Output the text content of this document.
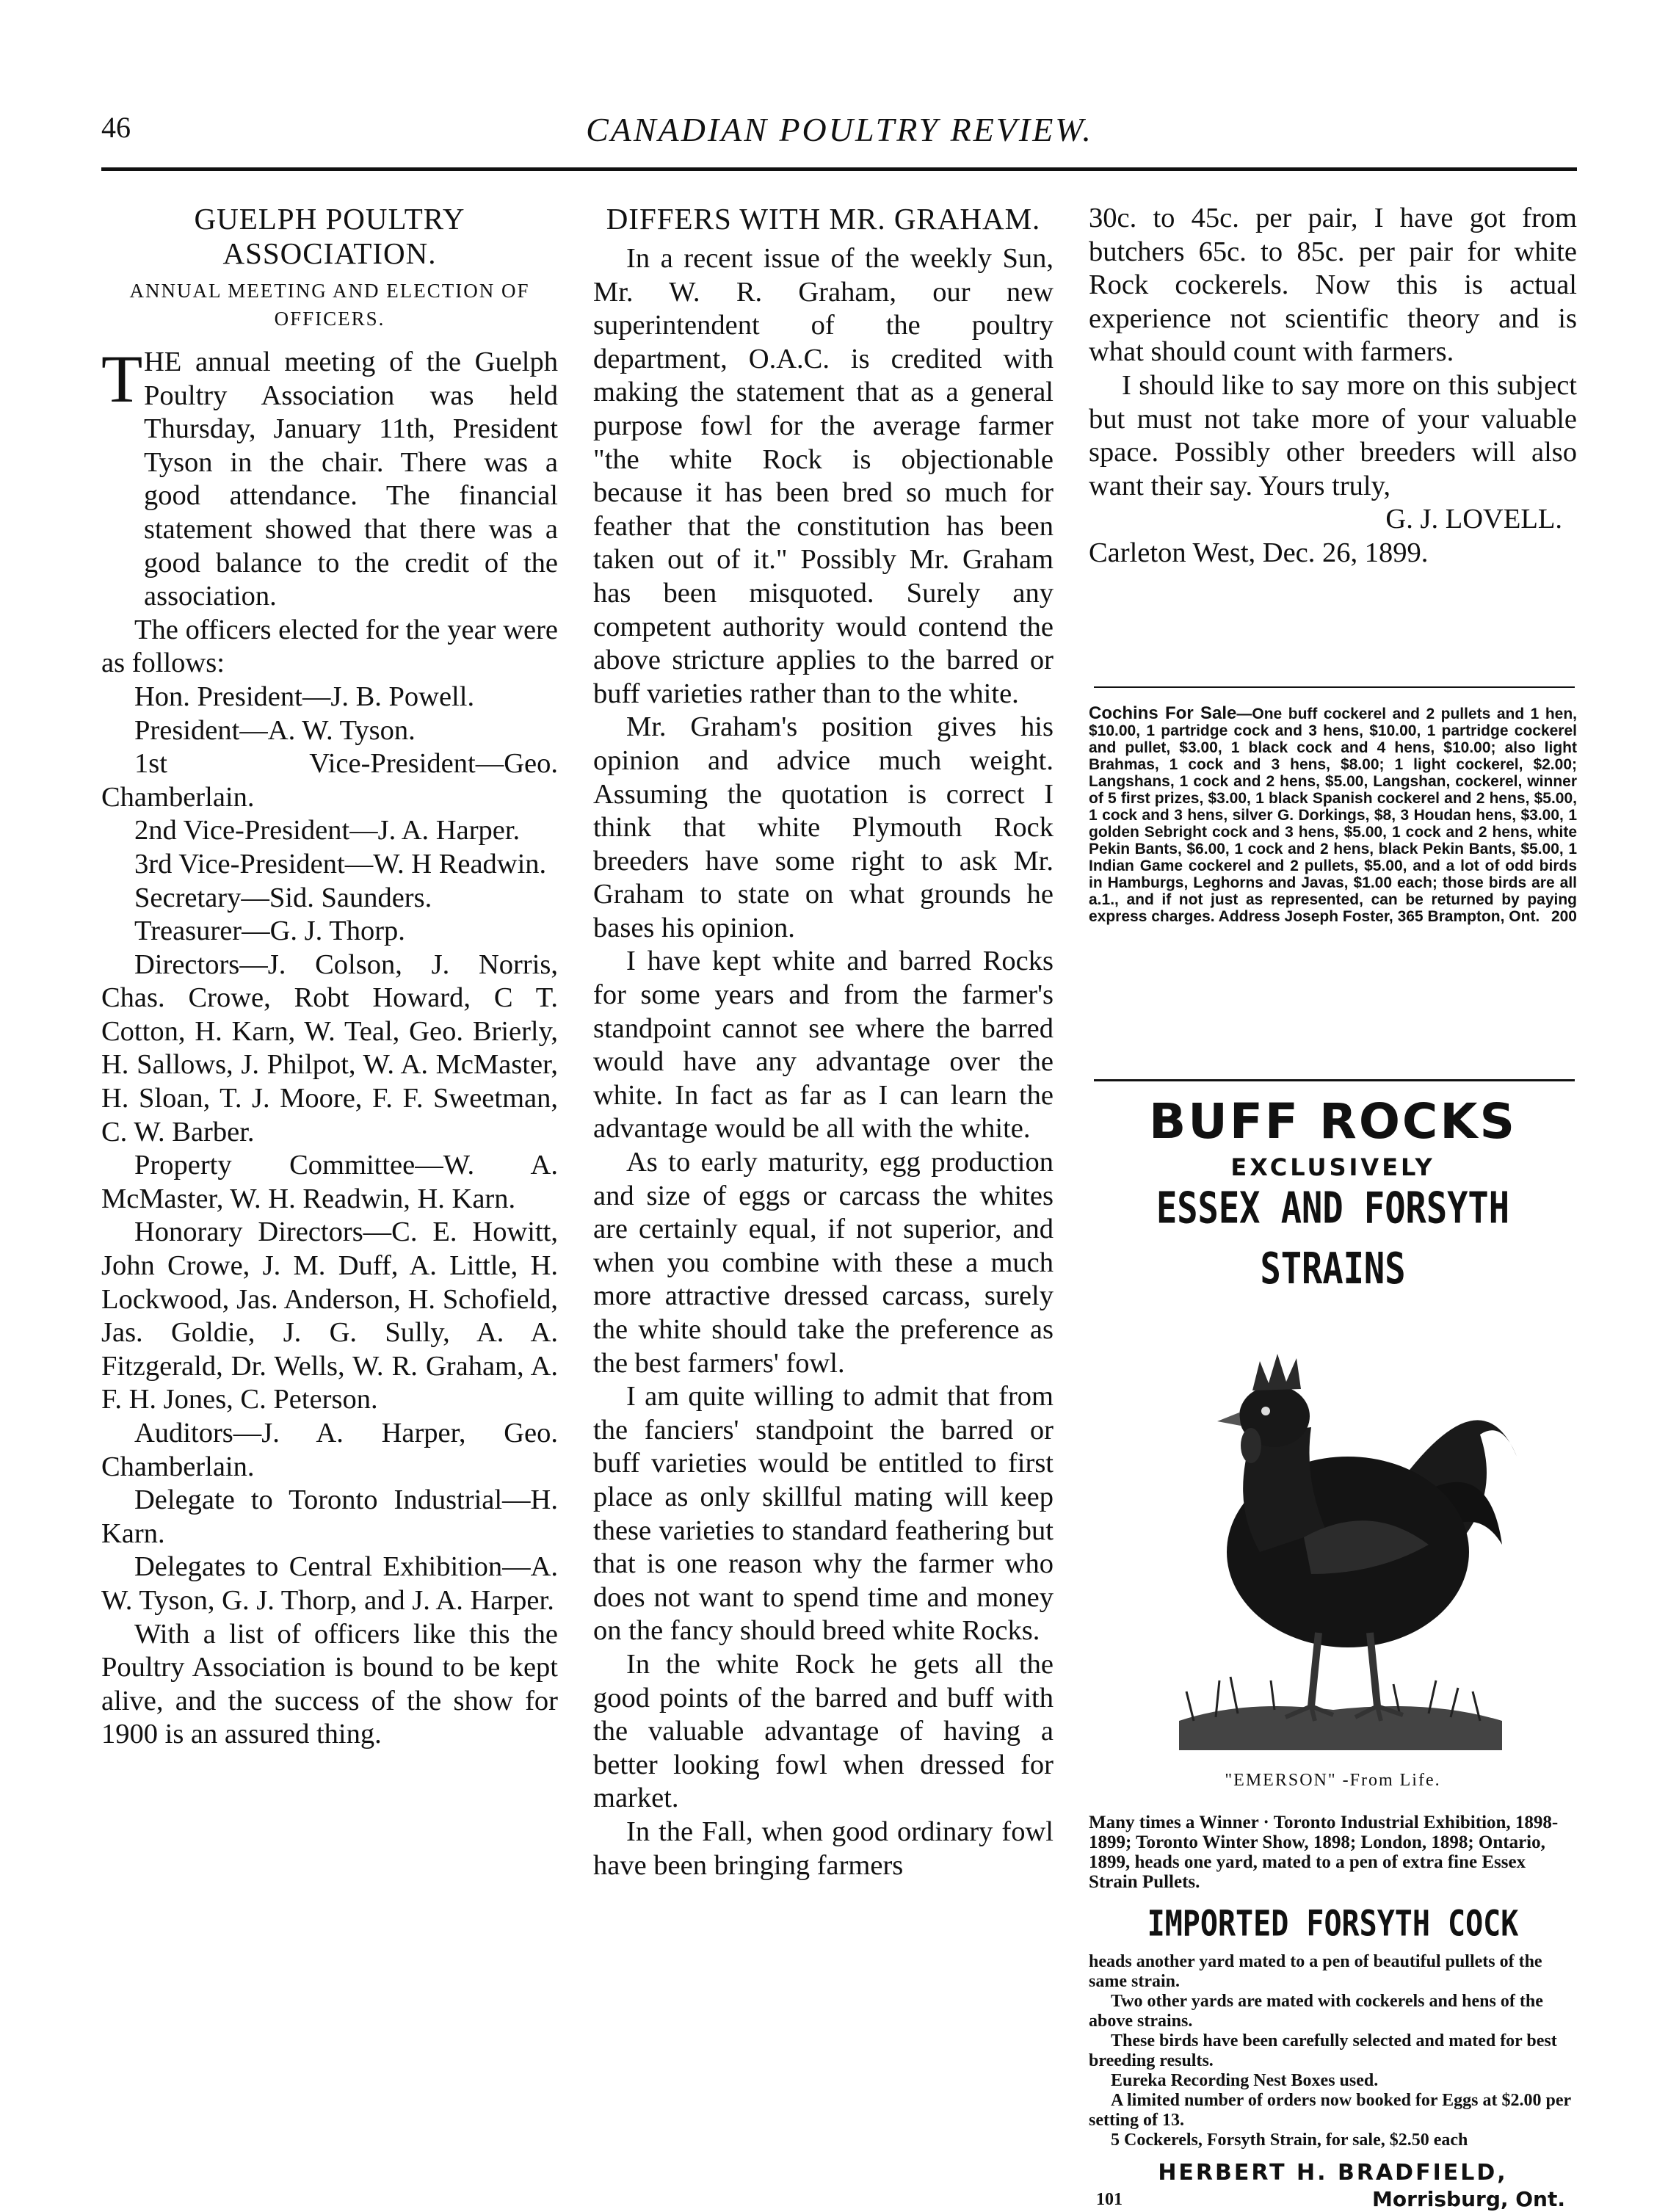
46	CANADIAN POULTRY REVIEW.
GUELPH POULTRY ASSOCIATION.
ANNUAL MEETING AND ELECTION OF OFFICERS.

T HE annual meeting of the Guelph Poultry Association was held Thursday, January 11th, President Tyson in the chair. There was a good attendance. The financial statement showed that there was a good balance to the credit of the association.

The officers elected for the year were as follows:

Hon. President—J. B. Powell.

President—A. W. Tyson.

1st Vice-President—Geo. Chamberlain.

2nd Vice-President—J. A. Harper.

3rd Vice-President—W. H Readwin.

Secretary—Sid. Saunders.

Treasurer—G. J. Thorp.

Directors—J. Colson, J. Norris, Chas. Crowe, Robt Howard, C T. Cotton, H. Karn, W. Teal, Geo. Brierly, H. Sallows, J. Philpot, W. A. McMaster, H. Sloan, T. J. Moore, F. F. Sweetman, C. W. Barber.

Property Committee—W. A. McMaster, W. H. Readwin, H. Karn.

Honorary Directors—C. E. Howitt, John Crowe, J. M. Duff, A. Little, H. Lockwood, Jas. Anderson, H. Schofield, Jas. Goldie, J. G. Sully, A. A. Fitzgerald, Dr. Wells, W. R. Graham, A. F. H. Jones, C. Peterson.

Auditors—J. A. Harper, Geo. Chamberlain.

Delegate to Toronto Industrial—H. Karn.

Delegates to Central Exhibition—A. W. Tyson, G. J. Thorp, and J. A. Harper.

With a list of officers like this the Poultry Association is bound to be kept alive, and the success of the show for 1900 is an assured thing.

DIFFERS WITH MR. GRAHAM.

In a recent issue of the weekly Sun, Mr. W. R. Graham, our new superintendent of the poultry department, O.A.C. is credited with making the statement that as a general purpose fowl for the average farmer "the white Rock is objectionable because it has been bred so much for feather that the constitution has been taken out of it." Possibly Mr. Graham has been misquoted. Surely any competent authority would contend the above stricture applies to the barred or buff varieties rather than to the white.

Mr. Graham's position gives his opinion and advice much weight. Assuming the quotation is correct I think that white Plymouth Rock breeders have some right to ask Mr. Graham to state on what grounds he bases his opinion.

I have kept white and barred Rocks for some years and from the farmer's standpoint cannot see where the barred would have any advantage over the white. In fact as far as I can learn the advantage would be all with the white.

As to early maturity, egg production and size of eggs or carcass the whites are certainly equal, if not superior, and when you combine with these a much more attractive dressed carcass, surely the white should take the preference as the best farmers' fowl.

I am quite willing to admit that from the fanciers' standpoint the barred or buff varieties would be entitled to first place as only skillful mating will keep these varieties to standard feathering but that is one reason why the farmer who does not want to spend time and money on the fancy should breed white Rocks.

In the white Rock he gets all the good points of the barred and buff with the valuable advantage of having a better looking fowl when dressed for market.

In the Fall, when good ordinary fowl have been bringing farmers

30c. to 45c. per pair, I have got from butchers 65c. to 85c. per pair for white Rock cockerels. Now this is actual experience not scientific theory and is what should count with farmers.

I should like to say more on this subject but must not take more of your valuable space. Possibly other breeders will also want their say. Yours truly,

G. J. LOVELL.

Carleton West, Dec. 26, 1899.

Cochins For Sale—One buff cockerel and 2 pullets and 1 hen, $10.00, 1 partridge cock and 3 hens, $10.00, 1 partridge cockerel and pullet, $3.00, 1 black cock and 4 hens, $10.00; also light Brahmas, 1 cock and 3 hens, $8.00; 1 light cockerel, $2.00; Langshans, 1 cock and 2 hens, $5.00, Langshan, cockerel, winner of 5 first prizes, $3.00, 1 black Spanish cockerel and 2 hens, $5.00, 1 cock and 3 hens, silver G. Dorkings, $8, 3 Houdan hens, $3.00, 1 golden Sebright cock and 3 hens, $5.00, 1 cock and 2 hens, white Pekin Bants, $6.00, 1 cock and 2 hens, black Pekin Bants, $5.00, 1 Indian Game cockerel and 2 pullets, $5.00, and a lot of odd birds in Hamburgs, Leghorns and Javas, $1.00 each; those birds are all a.1., and if not just as represented, can be returned by paying express charges. Address Joseph Foster, 365 Brampton, Ont. 200
BUFF ROCKS
EXCLUSIVELY
ESSEX AND FORSYTH STRAINS
"EMERSON" -From Life.
Many times a Winner · Toronto Industrial Exhibition, 1898-1899; Toronto Winter Show, 1898; London, 1898; Ontario, 1899, heads one yard, mated to a pen of extra fine Essex Strain Pullets.
IMPORTED FORSYTH COCK

heads another yard mated to a pen of beautiful pullets of the same strain.

Two other yards are mated with cockerels and hens of the above strains.

These birds have been carefully selected and mated for best breeding results.

Eureka Recording Nest Boxes used.

A limited number of orders now booked for Eggs at $2.00 per setting of 13.

5 Cockerels, Forsyth Strain, for sale, $2.50 each

HERBERT H. BRADFIELD,
101	Morrisburg, Ont.
